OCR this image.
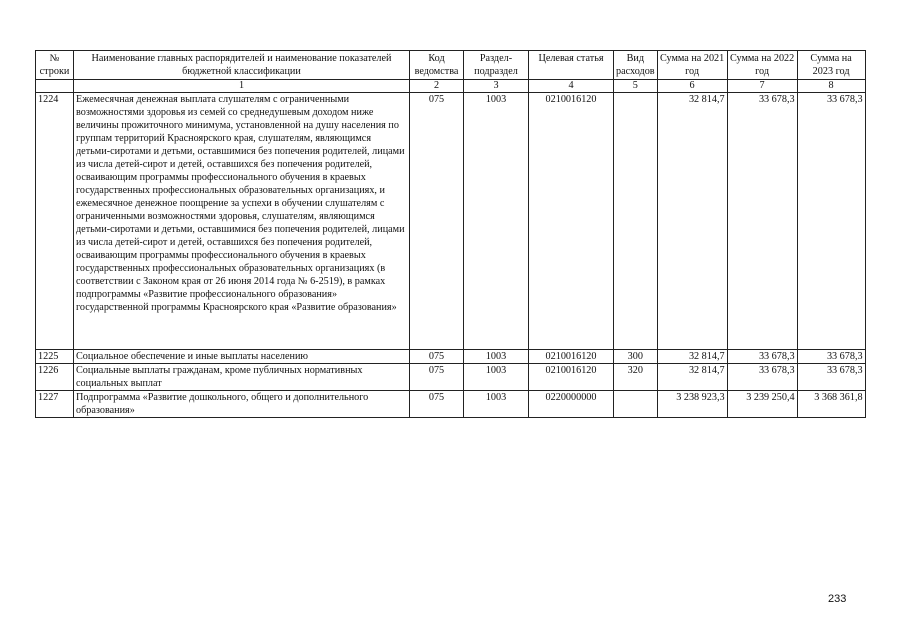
№ строки	Наименование главных распорядителей и наименование показателей бюджетной классификации	Код ведомства	Раздел-подраздел	Целевая статья	Вид расходов	Сумма на 2021 год	Сумма на 2022 год	Сумма на 2023 год
	1	2	3	4	5	6	7	8
1224	Ежемесячная денежная выплата слушателям с ограниченными возможностями здоровья из семей со среднедушевым доходом ниже величины прожиточного минимума, установленной на душу населения по группам территорий Красноярского края, слушателям, являющимся детьми-сиротами и детьми, оставшимися без попечения родителей, лицами из числа детей-сирот и детей, оставшихся без попечения родителей, осваивающим программы профессионального обучения в краевых государственных профессиональных образовательных организациях, и ежемесячное денежное поощрение за успехи в обучении слушателям с ограниченными возможностями здоровья, слушателям, являющимся детьми-сиротами и детьми, оставшимися без попечения родителей, лицами из числа детей-сирот и детей, оставшихся без попечения родителей, осваивающим программы профессионального обучения в краевых государственных профессиональных образовательных организациях (в соответствии с Законом края от 26 июня 2014 года № 6-2519), в рамках подпрограммы «Развитие профессионального образования» государственной программы Красноярского края «Развитие образования»	075	1003	0210016120		32 814,7	33 678,3	33 678,3
1225	Социальное обеспечение и иные выплаты населению	075	1003	0210016120	300	32 814,7	33 678,3	33 678,3
1226	Социальные выплаты гражданам, кроме публичных нормативных социальных выплат	075	1003	0210016120	320	32 814,7	33 678,3	33 678,3
1227	Подпрограмма «Развитие дошкольного, общего и дополнительного образования»	075	1003	0220000000		3 238 923,3	3 239 250,4	3 368 361,8
233
